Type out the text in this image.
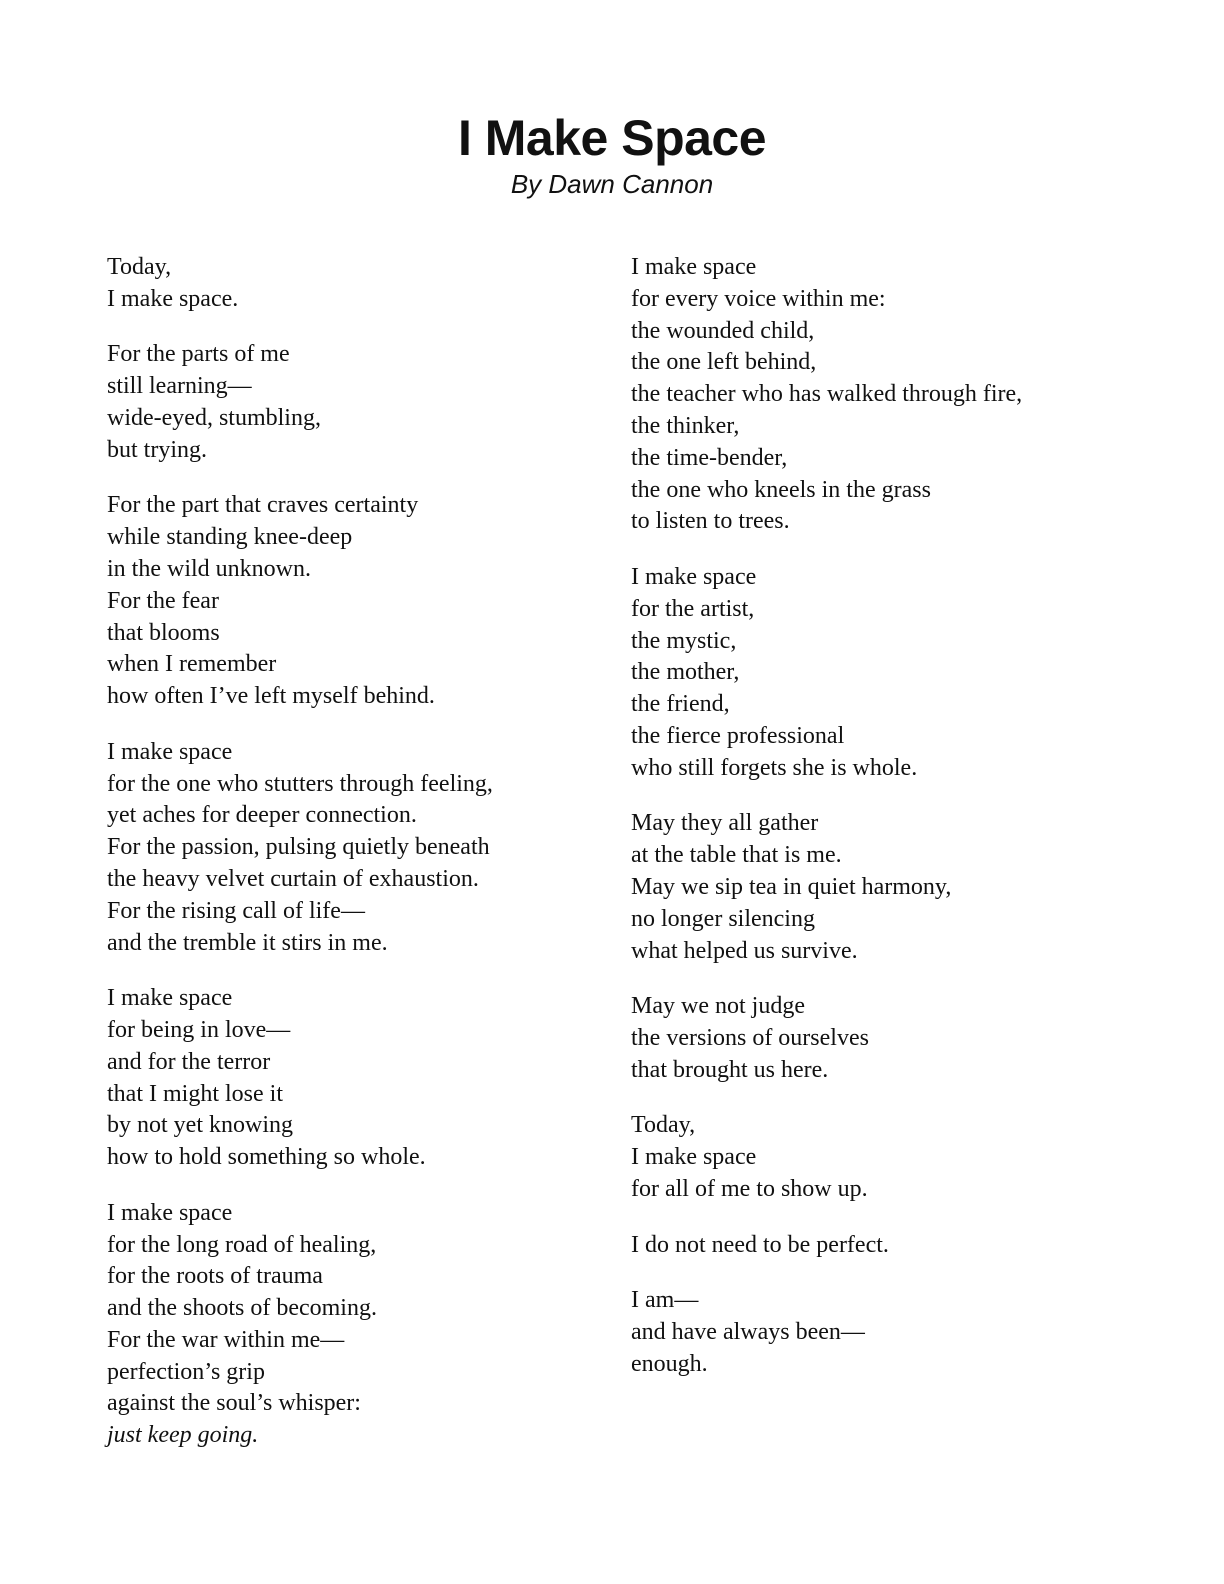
I Make Space

By Dawn Cannon

Today,
I make space.

For the parts of me
still learning—
wide-eyed, stumbling,
but trying.

For the part that craves certainty
while standing knee-deep
in the wild unknown.
For the fear
that blooms
when I remember
how often I’ve left myself behind.

I make space
for the one who stutters through feeling,
yet aches for deeper connection.
For the passion, pulsing quietly beneath
the heavy velvet curtain of exhaustion.
For the rising call of life—
and the tremble it stirs in me.

I make space
for being in love—
and for the terror
that I might lose it
by not yet knowing
how to hold something so whole.

I make space
for the long road of healing,
for the roots of trauma
and the shoots of becoming.
For the war within me—
perfection’s grip
against the soul’s whisper:
just keep going.

I make space
for every voice within me:
the wounded child,
the one left behind,
the teacher who has walked through fire,
the thinker,
the time-bender,
the one who kneels in the grass
to listen to trees.

I make space
for the artist,
the mystic,
the mother,
the friend,
the fierce professional
who still forgets she is whole.

May they all gather
at the table that is me.
May we sip tea in quiet harmony,
no longer silencing
what helped us survive.

May we not judge
the versions of ourselves
that brought us here.

Today,
I make space
for all of me to show up.

I do not need to be perfect.

I am—
and have always been—
enough.
